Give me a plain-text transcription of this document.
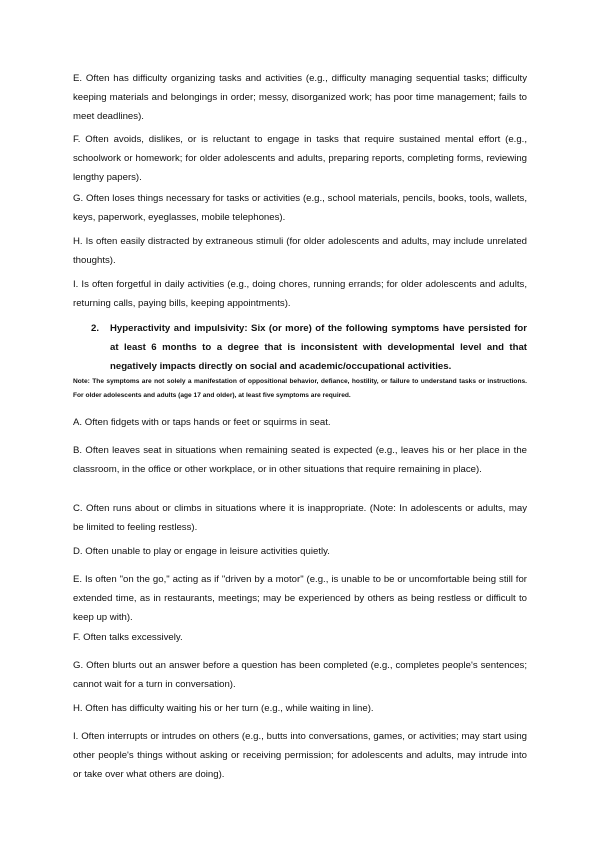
E. Often has difficulty organizing tasks and activities (e.g., difficulty managing sequential tasks; difficulty keeping materials and belongings in order; messy, disorganized work; has poor time management; fails to meet deadlines).

F. Often avoids, dislikes, or is reluctant to engage in tasks that require sustained mental effort (e.g., schoolwork or homework; for older adolescents and adults, preparing reports, completing forms, reviewing lengthy papers).

G. Often loses things necessary for tasks or activities (e.g., school materials, pencils, books, tools, wallets, keys, paperwork, eyeglasses, mobile telephones).

H. Is often easily distracted by extraneous stimuli (for older adolescents and adults, may include unrelated thoughts).

I. Is often forgetful in daily activities (e.g., doing chores, running errands; for older adolescents and adults, returning calls, paying bills, keeping appointments).

2. Hyperactivity and impulsivity: Six (or more) of the following symptoms have persisted for at least 6 months to a degree that is inconsistent with developmental level and that negatively impacts directly on social and academic/occupational activities.

Note: The symptoms are not solely a manifestation of oppositional behavior, defiance, hostility, or failure to understand tasks or instructions. For older adolescents and adults (age 17 and older), at least five symptoms are required.

A. Often fidgets with or taps hands or feet or squirms in seat.

B. Often leaves seat in situations when remaining seated is expected (e.g., leaves his or her place in the classroom, in the office or other workplace, or in other situations that require remaining in place).

C. Often runs about or climbs in situations where it is inappropriate. (Note: In adolescents or adults, may be limited to feeling restless).

D. Often unable to play or engage in leisure activities quietly.

E. Is often "on the go," acting as if "driven by a motor" (e.g., is unable to be or uncomfortable being still for extended time, as in restaurants, meetings; may be experienced by others as being restless or difficult to keep up with).

F. Often talks excessively.

G. Often blurts out an answer before a question has been completed (e.g., completes people's sentences; cannot wait for a turn in conversation).

H. Often has difficulty waiting his or her turn (e.g., while waiting in line).

I. Often interrupts or intrudes on others (e.g., butts into conversations, games, or activities; may start using other people's things without asking or receiving permission; for adolescents and adults, may intrude into or take over what others are doing).
